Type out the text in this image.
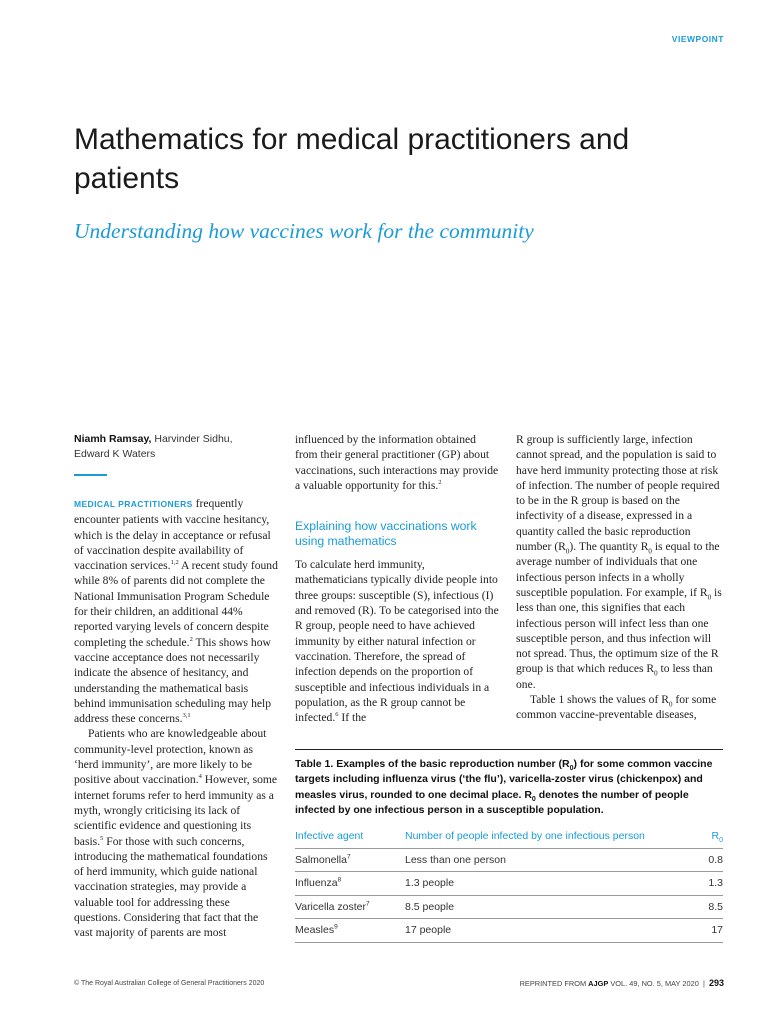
VIEWPOINT
Mathematics for medical practitioners and patients
Understanding how vaccines work for the community
Niamh Ramsay, Harvinder Sidhu,
Edward K Waters

MEDICAL PRACTITIONERS frequently encounter patients with vaccine hesitancy, which is the delay in acceptance or refusal of vaccination despite availability of vaccination services.$^{1,2}$ A recent study found while 8% of parents did not complete the National Immunisation Program Schedule for their children, an additional 44% reported varying levels of concern despite completing the schedule.$^2$ This shows how vaccine acceptance does not necessarily indicate the absence of hesitancy, and understanding the mathematical basis behind immunisation scheduling may help address these concerns.$^{3,1}$

Patients who are knowledgeable about community-level protection, known as ‘herd immunity’, are more likely to be positive about vaccination.$^4$ However, some internet forums refer to herd immunity as a myth, wrongly criticising its lack of scientific evidence and questioning its basis.$^5$ For those with such concerns, introducing the mathematical foundations of herd immunity, which guide national vaccination strategies, may provide a valuable tool for addressing these questions. Considering that fact that the vast majority of parents are most

influenced by the information obtained from their general practitioner (GP) about vaccinations, such interactions may provide a valuable opportunity for this.$^2$

Explaining how vaccinations work using mathematics

To calculate herd immunity, mathematicians typically divide people into three groups: susceptible (S), infectious (I) and removed (R). To be categorised into the R group, people need to have achieved immunity by either natural infection or vaccination. Therefore, the spread of infection depends on the proportion of susceptible and infectious individuals in a population, as the R group cannot be infected.$^6$ If the

R group is sufficiently large, infection cannot spread, and the population is said to have herd immunity protecting those at risk of infection. The number of people required to be in the R group is based on the infectivity of a disease, expressed in a quantity called the basic reproduction number $(R_0)$. The quantity $R_0$ is equal to the average number of individuals that one infectious person infects in a wholly susceptible population. For example, if $R_0$ is less than one, this signifies that each infectious person will infect less than one susceptible person, and thus infection will not spread. Thus, the optimum size of the R group is that which reduces $R_0$ to less than one.

Table 1 shows the values of $R_0$ for some common vaccine-preventable diseases,

Table 1. Examples of the basic reproduction number $(R_0)$ for some common vaccine targets including influenza virus (‘the flu’), varicella-zoster virus (chickenpox) and measles virus, rounded to one decimal place. $R_0$ denotes the number of people infected by one infectious person in a susceptible population.
Infective agent	Number of people infected by one infectious person	$R_0$
Salmonella$^7$	Less than one person	0.8
Influenza$^8$	1.3 people	1.3
Varicella zoster$^7$	8.5 people	8.5
Measles$^9$	17 people	17
© The Royal Australian College of General Practitioners 2020	REPRINTED FROM AJGP VOL. 49, NO. 5, MAY 2020 | 293
